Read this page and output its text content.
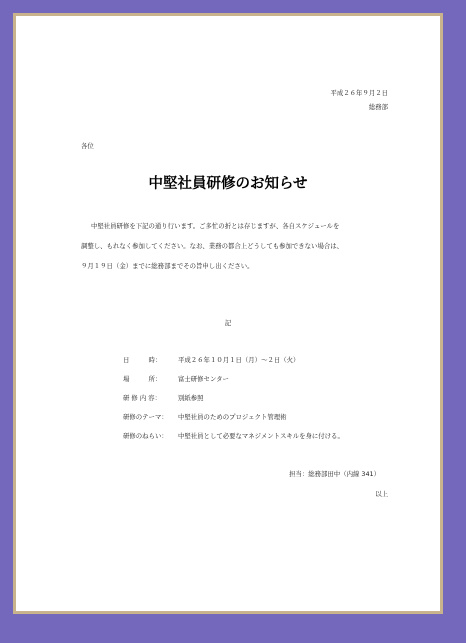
平成２６年９月２日
総務部
各位
中堅社員研修のお知らせ
中堅社員研修を下記の通り行います。ご多忙の折とは存じますが、各自スケジュールを
調整し、もれなく参加してください。なお、業務の都合上どうしても参加できない場合は、
９月１９日（金）までに総務部までその旨申し出ください。
記
日　　　時：	平成２６年１０月１日（月）～２日（火）
場　　　所：	富士研修センター
研 修 内 容：	別紙参照
研修のテーマ：	中堅社員のためのプロジェクト管理術
研修のねらい：	中堅社員として必要なマネジメントスキルを身に付ける。
担当：総務部田中（内線 341）
以上
